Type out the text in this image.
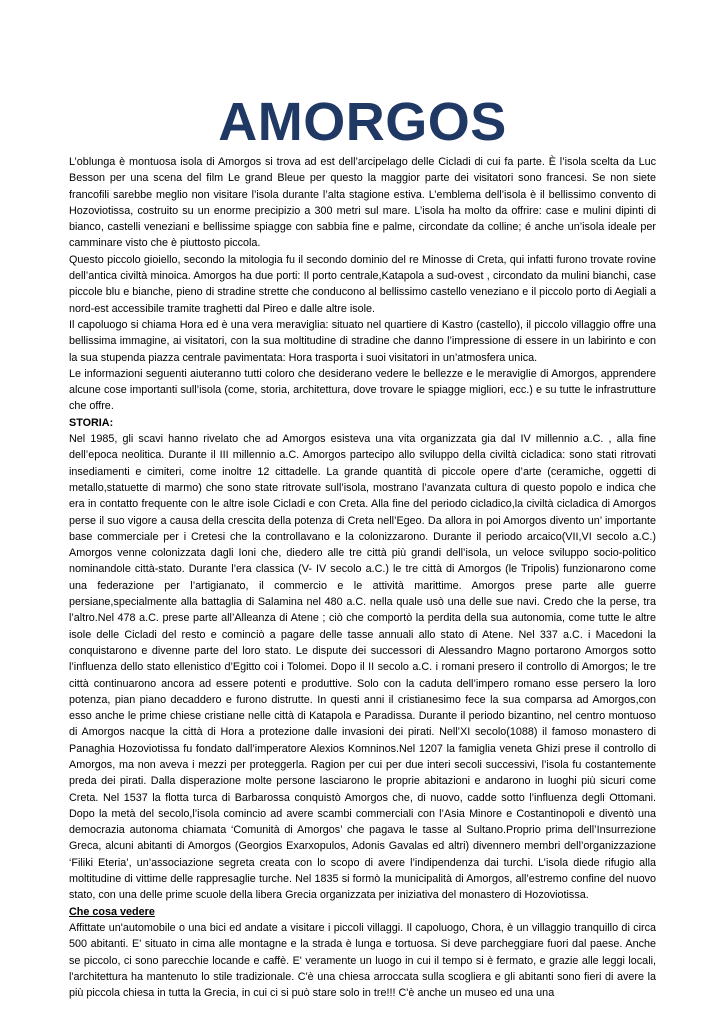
AMORGOS

L’oblunga è montuosa isola di Amorgos si trova ad est dell’arcipelago delle Cicladi di cui fa parte. È l’isola scelta da Luc Besson per una scena del film Le grand Bleue per questo la maggior parte dei visitatori sono francesi. Se non siete francofili sarebbe meglio non visitare l’isola durante l’alta stagione estiva. L’emblema dell’isola è il bellissimo convento di Hozoviotissa, costruito su un enorme precipizio a 300 metri sul mare. L’isola ha molto da offrire: case e mulini dipinti di bianco, castelli veneziani e bellissime spiagge con sabbia fine e palme, circondate da colline; é anche un’isola ideale per camminare visto che è piuttosto piccola.

Questo piccolo gioiello, secondo la mitologia fu il secondo dominio del re Minosse di Creta, qui infatti furono trovate rovine dell’antica civiltà minoica. Amorgos ha due porti: Il porto centrale,Katapola a sud-ovest , circondato da mulini bianchi, case piccole blu e bianche, pieno di stradine strette che conducono al bellissimo castello veneziano e il piccolo porto di Aegiali a nord-est accessibile tramite traghetti dal Pireo e dalle altre isole.

Il capoluogo si chiama Hora ed è una vera meraviglia: situato nel quartiere di Kastro (castello), il piccolo villaggio offre una bellissima immagine, ai visitatori, con la sua moltitudine di stradine che danno l’impressione di essere in un labirinto e con la sua stupenda piazza centrale pavimentata: Hora trasporta i suoi visitatori in un’atmosfera unica.

Le informazioni seguenti aiuteranno tutti coloro che desiderano vedere le bellezze e le meraviglie di Amorgos, apprendere alcune cose importanti sull’isola (come, storia, architettura, dove trovare le spiagge migliori, ecc.) e su tutte le infrastrutture che offre.

STORIA:

Nel 1985, gli scavi hanno rivelato che ad Amorgos esisteva una vita organizzata gia dal IV millennio a.C. , alla fine dell’epoca neolitica. Durante il III millennio a.C. Amorgos partecipo allo sviluppo della civiltà cicladica: sono stati ritrovati insediamenti e cimiteri, come inoltre 12 cittadelle. La grande quantità di piccole opere d’arte (ceramiche, oggetti di metallo,statuette di marmo) che sono state ritrovate sull’isola, mostrano l’avanzata cultura di questo popolo e indica che era in contatto frequente con le altre isole Cicladi e con Creta. Alla fine del periodo cicladico,la civiltà cicladica di Amorgos perse il suo vigore a causa della crescita della potenza di Creta nell’Egeo. Da allora in poi Amorgos divento un’ importante base commerciale per i Cretesi che la controllavano e la colonizzarono. Durante il periodo arcaico(VII,VI secolo a.C.) Amorgos venne colonizzata dagli Ioni che, diedero alle tre città più grandi dell’isola, un veloce sviluppo socio-politico nominandole città-stato. Durante l’era classica (V- IV secolo a.C.) le tre città di Amorgos (le Tripolis) funzionarono come una federazione per l’artigianato, il commercio e le attività marittime. Amorgos prese parte alle guerre persiane,specialmente alla battaglia di Salamina nel 480 a.C. nella quale usò una delle sue navi. Credo che la perse, tra l’altro.Nel 478 a.C. prese parte all’Alleanza di Atene ; ciò che comportò la perdita della sua autonomia, come tutte le altre isole delle Cicladi del resto e cominciò a pagare delle tasse annuali allo stato di Atene. Nel 337 a.C. i Macedoni la conquistarono e divenne parte del loro stato. Le dispute dei successori di Alessandro Magno portarono Amorgos sotto l’influenza dello stato ellenistico d’Egitto coi i Tolomei. Dopo il II secolo a.C. i romani presero il controllo di Amorgos; le tre città continuarono ancora ad essere potenti e produttive. Solo con la caduta dell’impero romano esse persero la loro potenza, pian piano decaddero e furono distrutte. In questi anni il cristianesimo fece la sua comparsa ad Amorgos,con esso anche le prime chiese cristiane nelle città di Katapola e Paradissa. Durante il periodo bizantino, nel centro montuoso di Amorgos nacque la città di Hora a protezione dalle invasioni dei pirati. Nell’XI secolo(1088) il famoso monastero di Panaghia Hozoviotissa fu fondato dall’imperatore Alexios Komninos.Nel 1207 la famiglia veneta Ghizi prese il controllo di Amorgos, ma non aveva i mezzi per proteggerla. Ragion per cui per due interi secoli successivi, l’isola fu costantemente preda dei pirati. Dalla disperazione molte persone lasciarono le proprie abitazioni e andarono in luoghi più sicuri come Creta. Nel 1537 la flotta turca di Barbarossa conquistò Amorgos che, di nuovo, cadde sotto l’influenza degli Ottomani. Dopo la metà del secolo,l’isola comincio ad avere scambi commerciali con l’Asia Minore e Costantinopoli e diventò una democrazia autonoma chiamata ‘Comunità di Amorgos’ che pagava le tasse al Sultano.Proprio prima dell’Insurrezione Greca, alcuni abitanti di Amorgos (Georgios Exarxopulos, Adonis Gavalas ed altri) divennero membri dell’organizzazione ‘Filiki Eteria’, un’associazione segreta creata con lo scopo di avere l’indipendenza dai turchi. L’isola diede rifugio alla moltitudine di vittime delle rappresaglie turche. Nel 1835 si formò la municipalità di Amorgos, all’estremo confine del nuovo stato, con una delle prime scuole della libera Grecia organizzata per iniziativa del monastero di Hozoviotissa.

Che cosa vedere

Affittate un'automobile o una bici ed andate a visitare i piccoli villaggi. Il capoluogo, Chora, è un villaggio tranquillo di circa 500 abitanti. E' situato in cima alle montagne e la strada è lunga e tortuosa. Si deve parcheggiare fuori dal paese. Anche se piccolo, ci sono parecchie locande e caffè. E' veramente un luogo in cui il tempo si è fermato, e grazie alle leggi locali, l'architettura ha mantenuto lo stile tradizionale. C'è una chiesa arroccata sulla scogliera e gli abitanti sono fieri di avere la più piccola chiesa in tutta la Grecia, in cui ci si può stare solo in tre!!! C'è anche un museo ed una una
